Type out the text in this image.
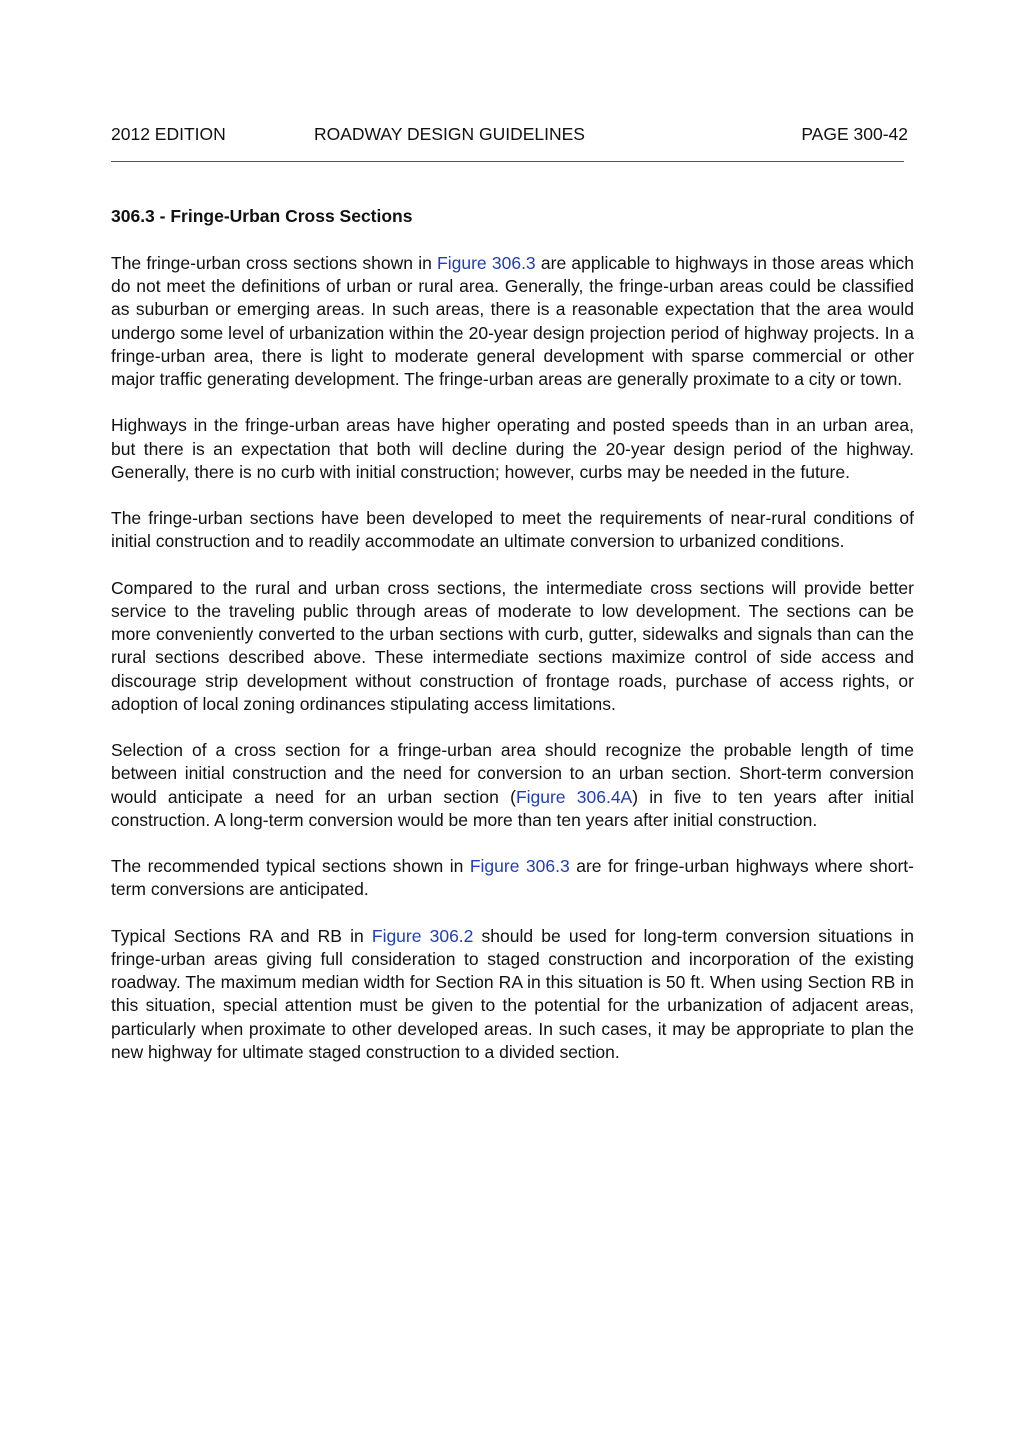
2012 EDITION	ROADWAY DESIGN GUIDELINES	PAGE 300-42
306.3 - Fringe-Urban Cross Sections

The fringe-urban cross sections shown in Figure 306.3 are applicable to highways in those areas which do not meet the definitions of urban or rural area. Generally, the fringe-urban areas could be classified as suburban or emerging areas. In such areas, there is a reasonable expectation that the area would undergo some level of urbanization within the 20-year design projection period of highway projects. In a fringe-urban area, there is light to moderate general development with sparse commercial or other major traffic generating development. The fringe-urban areas are generally proximate to a city or town.

Highways in the fringe-urban areas have higher operating and posted speeds than in an urban area, but there is an expectation that both will decline during the 20-year design period of the highway. Generally, there is no curb with initial construction; however, curbs may be needed in the future.

The fringe-urban sections have been developed to meet the requirements of near-rural conditions of initial construction and to readily accommodate an ultimate conversion to urbanized conditions.

Compared to the rural and urban cross sections, the intermediate cross sections will provide better service to the traveling public through areas of moderate to low development. The sections can be more conveniently converted to the urban sections with curb, gutter, sidewalks and signals than can the rural sections described above. These intermediate sections maximize control of side access and discourage strip development without construction of frontage roads, purchase of access rights, or adoption of local zoning ordinances stipulating access limitations.

Selection of a cross section for a fringe-urban area should recognize the probable length of time between initial construction and the need for conversion to an urban section. Short-term conversion would anticipate a need for an urban section (Figure 306.4A) in five to ten years after initial construction. A long-term conversion would be more than ten years after initial construction.

The recommended typical sections shown in Figure 306.3 are for fringe-urban highways where short-term conversions are anticipated.

Typical Sections RA and RB in Figure 306.2 should be used for long-term conversion situations in fringe-urban areas giving full consideration to staged construction and incorporation of the existing roadway. The maximum median width for Section RA in this situation is 50 ft. When using Section RB in this situation, special attention must be given to the potential for the urbanization of adjacent areas, particularly when proximate to other developed areas. In such cases, it may be appropriate to plan the new highway for ultimate staged construction to a divided section.
